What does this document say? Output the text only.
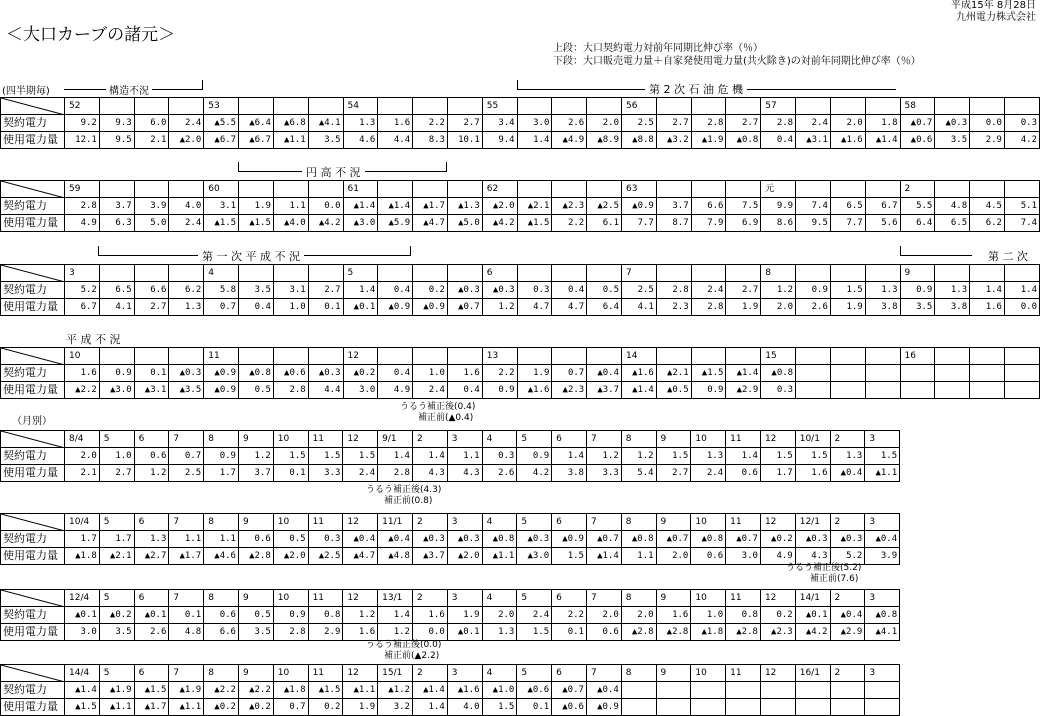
＜大口カーブの諸元＞
平成15年 8月28日
九州電力株式会社
上段：大口契約電力対前年同期比伸び率（％）
下段：大口販売電力量＋自家発使用電力量(共火除き)の対前年同期比伸び率（％）
(四半期毎)	構造不況	第 2 次 石 油 危 機
円 高 不 況
第 一 次 平 成 不 況	第 二 次
平 成 不 況
（月別）
	52				53				54				55				56				57				58			
契約電力	9.2	9.3	6.0	2.4	▲5.5	▲6.4	▲6.8	▲4.1	1.3	1.6	2.2	2.7	3.4	3.0	2.6	2.0	2.5	2.7	2.8	2.7	2.8	2.4	2.0	1.8	▲0.7	▲0.3	0.0	0.3
使用電力量	12.1	9.5	2.1	▲2.0	▲6.7	▲6.7	▲1.1	3.5	4.6	4.4	8.3	10.1	9.4	1.4	▲4.9	▲8.9	▲8.8	▲3.2	▲1.9	▲0.8	0.4	▲3.1	▲1.6	▲1.4	▲0.6	3.5	2.9	4.2
	59				60				61				62				63				元				2			
契約電力	2.8	3.7	3.9	4.0	3.1	1.9	1.1	0.0	▲1.4	▲1.4	▲1.7	▲1.3	▲2.0	▲2.1	▲2.3	▲2.5	▲0.9	3.7	6.6	7.5	9.9	7.4	6.5	6.7	5.5	4.8	4.5	5.1
使用電力量	4.9	6.3	5.0	2.4	▲1.5	▲1.5	▲4.0	▲4.2	▲3.0	▲5.9	▲4.7	▲5.0	▲4.2	▲1.5	2.2	6.1	7.7	8.7	7.9	6.9	8.6	9.5	7.7	5.6	6.4	6.5	6.2	7.4
	3				4				5				6				7				8				9			
契約電力	5.2	6.5	6.6	6.2	5.8	3.5	3.1	2.7	1.4	0.4	0.2	▲0.3	▲0.3	0.3	0.4	0.5	2.5	2.8	2.4	2.7	1.2	0.9	1.5	1.3	0.9	1.3	1.4	1.4
使用電力量	6.7	4.1	2.7	1.3	0.7	0.4	1.0	0.1	▲0.1	▲0.9	▲0.9	▲0.7	1.2	4.7	4.7	6.4	4.1	2.3	2.8	1.9	2.0	2.6	1.9	3.8	3.5	3.8	1.6	0.0
	10				11				12				13				14				15				16			
契約電力	1.6	0.9	0.1	▲0.3	▲0.9	▲0.8	▲0.6	▲0.3	▲0.2	0.4	1.0	1.6	2.2	1.9	0.7	▲0.4	▲1.6	▲2.1	▲1.5	▲1.4	▲0.8							
使用電力量	▲2.2	▲3.0	▲3.1	▲3.5	▲0.9	0.5	2.8	4.4	3.0	4.9	2.4	0.4	0.9	▲1.6	▲2.3	▲3.7	▲1.4	▲0.5	0.9	▲2.9	0.3							
	8/4	5	6	7	8	9	10	11	12	9/1	2	3	4	5	6	7	8	9	10	11	12	10/1	2	3
契約電力	2.0	1.0	0.6	0.7	0.9	1.2	1.5	1.5	1.5	1.4	1.4	1.1	0.3	0.9	1.4	1.2	1.2	1.5	1.3	1.4	1.5	1.5	1.3	1.5
使用電力量	2.1	2.7	1.2	2.5	1.7	3.7	0.1	3.3	2.4	2.8	4.3	4.3	2.6	4.2	3.8	3.3	5.4	2.7	2.4	0.6	1.7	1.6	▲0.4	▲1.1
	10/4	5	6	7	8	9	10	11	12	11/1	2	3	4	5	6	7	8	9	10	11	12	12/1	2	3
契約電力	1.7	1.7	1.3	1.1	1.1	0.6	0.5	0.3	▲0.4	▲0.4	▲0.3	▲0.3	▲0.8	▲0.3	▲0.9	▲0.7	▲0.8	▲0.7	▲0.8	▲0.7	▲0.2	▲0.3	▲0.3	▲0.4
使用電力量	▲1.8	▲2.1	▲2.7	▲1.7	▲4.6	▲2.8	▲2.0	▲2.5	▲4.7	▲4.8	▲3.7	▲2.0	▲1.1	▲3.0	1.5	▲1.4	1.1	2.0	0.6	3.0	4.9	4.3	5.2	3.9
	12/4	5	6	7	8	9	10	11	12	13/1	2	3	4	5	6	7	8	9	10	11	12	14/1	2	3
契約電力	▲0.1	▲0.2	▲0.1	0.1	0.6	0.5	0.9	0.8	1.2	1.4	1.6	1.9	2.0	2.4	2.2	2.0	2.0	1.6	1.0	0.8	0.2	▲0.1	▲0.4	▲0.8
使用電力量	3.0	3.5	2.6	4.8	6.6	3.5	2.8	2.9	1.6	1.2	0.0	▲0.1	1.3	1.5	0.1	0.6	▲2.8	▲2.8	▲1.8	▲2.8	▲2.3	▲4.2	▲2.9	▲4.1
	14/4	5	6	7	8	9	10	11	12	15/1	2	3	4	5	6	7	8	9	10	11	12	16/1	2	3
契約電力	▲1.4	▲1.9	▲1.5	▲1.9	▲2.2	▲2.2	▲1.8	▲1.5	▲1.1	▲1.2	▲1.4	▲1.6	▲1.0	▲0.6	▲0.7	▲0.4								
使用電力量	▲1.5	▲1.1	▲1.7	▲1.1	▲0.2	▲0.2	0.7	0.2	1.9	3.2	1.4	4.0	1.5	0.1	▲0.6	▲0.9								
うるう補正後(0.4)
補正前(▲0.4)
うるう補正後(4.3)
補正前(0.8)
うるう補正後(5.2)
補正前(7.6)
うるう補正後(0.0)
補正前(▲2.2)
